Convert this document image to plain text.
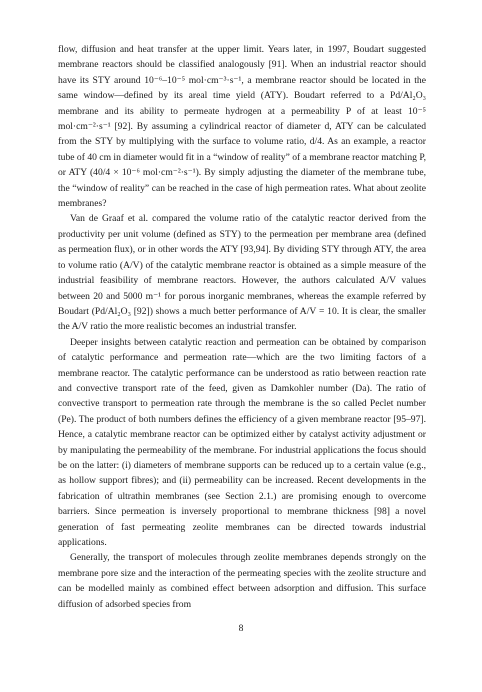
flow, diffusion and heat transfer at the upper limit. Years later, in 1997, Boudart suggested membrane reactors should be classified analogously [91]. When an industrial reactor should have its STY around 10⁻⁶–10⁻⁵ mol·cm⁻³·s⁻¹, a membrane reactor should be located in the same window—defined by its areal time yield (ATY). Boudart referred to a Pd/Al₂O₃ membrane and its ability to permeate hydrogen at a permeability P of at least 10⁻⁵ mol·cm⁻²·s⁻¹ [92]. By assuming a cylindrical reactor of diameter d, ATY can be calculated from the STY by multiplying with the surface to volume ratio, d/4. As an example, a reactor tube of 40 cm in diameter would fit in a “window of reality” of a membrane reactor matching P, or ATY (40/4 × 10⁻⁶ mol·cm⁻²·s⁻¹). By simply adjusting the diameter of the membrane tube, the “window of reality” can be reached in the case of high permeation rates. What about zeolite membranes?

Van de Graaf et al. compared the volume ratio of the catalytic reactor derived from the productivity per unit volume (defined as STY) to the permeation per membrane area (defined as permeation flux), or in other words the ATY [93,94]. By dividing STY through ATY, the area to volume ratio (A/V) of the catalytic membrane reactor is obtained as a simple measure of the industrial feasibility of membrane reactors. However, the authors calculated A/V values between 20 and 5000 m⁻¹ for porous inorganic membranes, whereas the example referred by Boudart (Pd/Al₂O₃ [92]) shows a much better performance of A/V = 10. It is clear, the smaller the A/V ratio the more realistic becomes an industrial transfer.

Deeper insights between catalytic reaction and permeation can be obtained by comparison of catalytic performance and permeation rate—which are the two limiting factors of a membrane reactor. The catalytic performance can be understood as ratio between reaction rate and convective transport rate of the feed, given as Damkohler number (Da). The ratio of convective transport to permeation rate through the membrane is the so called Peclet number (Pe). The product of both numbers defines the efficiency of a given membrane reactor [95–97]. Hence, a catalytic membrane reactor can be optimized either by catalyst activity adjustment or by manipulating the permeability of the membrane. For industrial applications the focus should be on the latter: (i) diameters of membrane supports can be reduced up to a certain value (e.g., as hollow support fibres); and (ii) permeability can be increased. Recent developments in the fabrication of ultrathin membranes (see Section 2.1.) are promising enough to overcome barriers. Since permeation is inversely proportional to membrane thickness [98] a novel generation of fast permeating zeolite membranes can be directed towards industrial applications.

Generally, the transport of molecules through zeolite membranes depends strongly on the membrane pore size and the interaction of the permeating species with the zeolite structure and can be modelled mainly as combined effect between adsorption and diffusion. This surface diffusion of adsorbed species from

8
